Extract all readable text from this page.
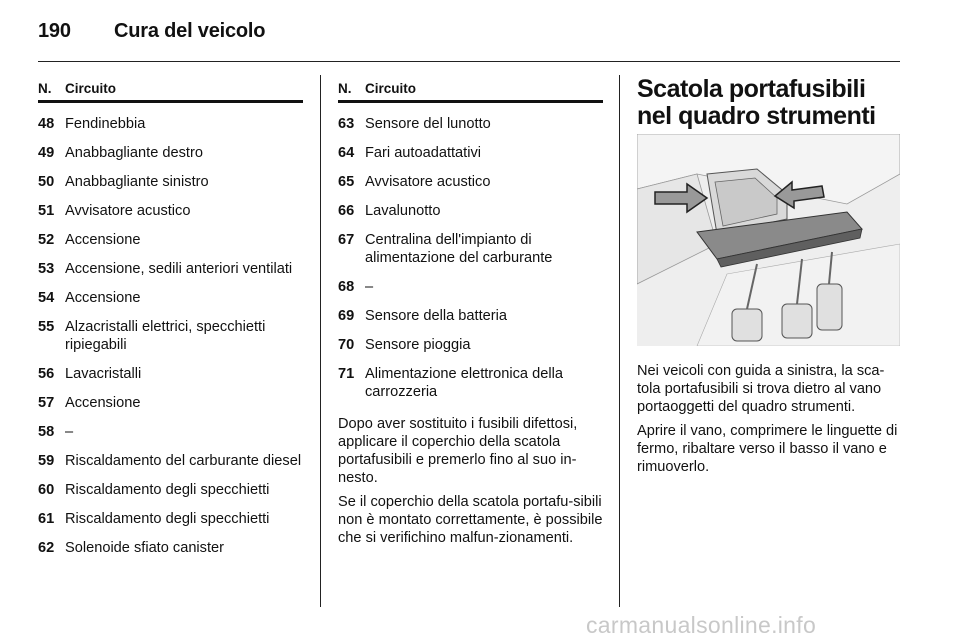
190 Cura del veicolo
N.	Circuito
48 Fendinebbia
49 Anabbagliante destro
50 Anabbagliante sinistro
51 Avvisatore acustico
52 Accensione
53 Accensione, sedili anteriori ventilati
54 Accensione
55 Alzacristalli elettrici, specchietti ripiegabili
56 Lavacristalli
57 Accensione
58 –
59 Riscaldamento del carburante diesel
60 Riscaldamento degli specchietti
61 Riscaldamento degli specchietti
62 Solenoide sfiato canister
N.	Circuito
63 Sensore del lunotto
64 Fari autoadattativi
65 Avvisatore acustico
66 Lavalunotto
67 Centralina dell'impianto di alimentazione del carburante
68 –
69 Sensore della batteria
70 Sensore pioggia
71 Alimentazione elettronica della carrozzeria

Dopo aver sostituito i fusibili difettosi, applicare il coperchio della scatola portafusibili e premerlo fino al suo in-nesto.

Se il coperchio della scatola portafu-sibili non è montato correttamente, è possibile che si verifichino malfun-zionamenti.

Scatola portafusibili nel quadro strumenti

Nei veicoli con guida a sinistra, la sca-tola portafusibili si trova dietro al vano portaoggetti del quadro strumenti.

Aprire il vano, comprimere le linguette di fermo, ribaltare verso il basso il vano e rimuoverlo.

carmanualsonline.info
